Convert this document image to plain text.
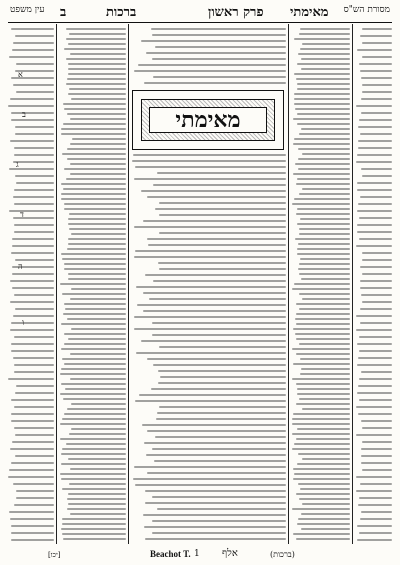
עין משפט ב	ברכות	פרק ראשון מאימתי מסורת הש"ס
מאימתי
א
ב
ג
ד
ה
ו
[יכו]	Beachot T. 1 אלף	(ברכות)
